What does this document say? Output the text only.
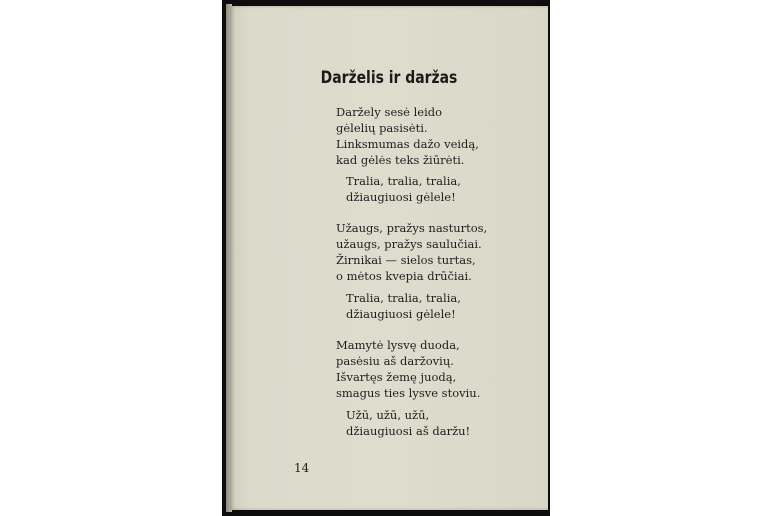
Darželis ir daržas
Darželу sesė leido
gėlelių pasisėti.
Linksmumas dažo veidą,
kad gėlės teks žiūrėti.
Tralia, tralia, tralia,
džiaugiuosi gėlele!
Užaugs, pražys nasturtos,
užaugs, pražys saulučiai.
Žirnikai — sielos turtas,
o mėtos kvepia drūčiai.
Tralia, tralia, tralia,
džiaugiuosi gėlele!
Mamytė lysvę duoda,
pasėsiu aš daržovių.
Išvartęs žemę juodą,
smagus ties lysve stoviu.
Užū, užū, užū,
džiaugiuosi aš daržu!
14
